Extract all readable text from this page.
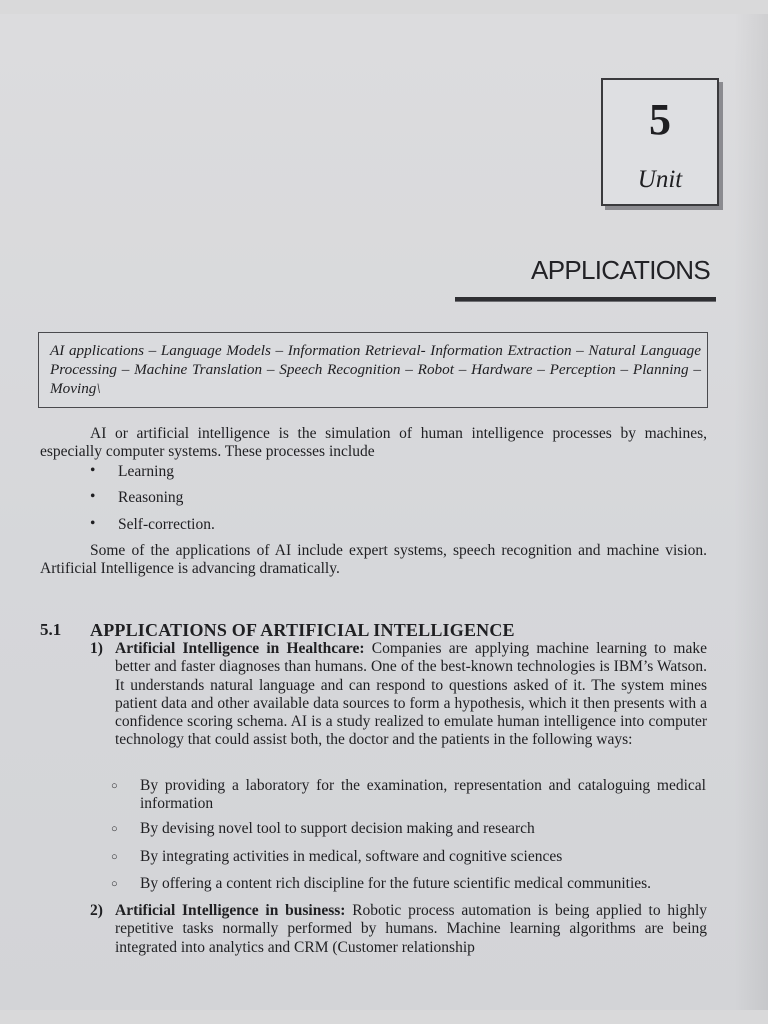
5
Unit
APPLICATIONS
AI applications – Language Models – Information Retrieval- Information Extraction – Natural Language Processing – Machine Translation – Speech Recognition – Robot – Hardware – Perception – Planning – Moving\
AI or artificial intelligence is the simulation of human intelligence processes by machines, especially computer systems. These processes include
• Learning
• Reasoning
• Self-correction.
Some of the applications of AI include expert systems, speech recognition and machine vision. Artificial Intelligence is advancing dramatically.
5.1 APPLICATIONS OF ARTIFICIAL INTELLIGENCE
1) Artificial Intelligence in Healthcare: Companies are applying machine learning to make better and faster diagnoses than humans. One of the best-known technologies is IBM’s Watson. It understands natural language and can respond to questions asked of it. The system mines patient data and other available data sources to form a hypothesis, which it then presents with a confidence scoring schema. AI is a study realized to emulate human intelligence into computer technology that could assist both, the doctor and the patients in the following ways:
○ By providing a laboratory for the examination, representation and cataloguing medical information
○ By devising novel tool to support decision making and research
○ By integrating activities in medical, software and cognitive sciences
○ By offering a content rich discipline for the future scientific medical communities.
2) Artificial Intelligence in business: Robotic process automation is being applied to highly repetitive tasks normally performed by humans. Machine learning algorithms are being integrated into analytics and CRM (Customer relationship
